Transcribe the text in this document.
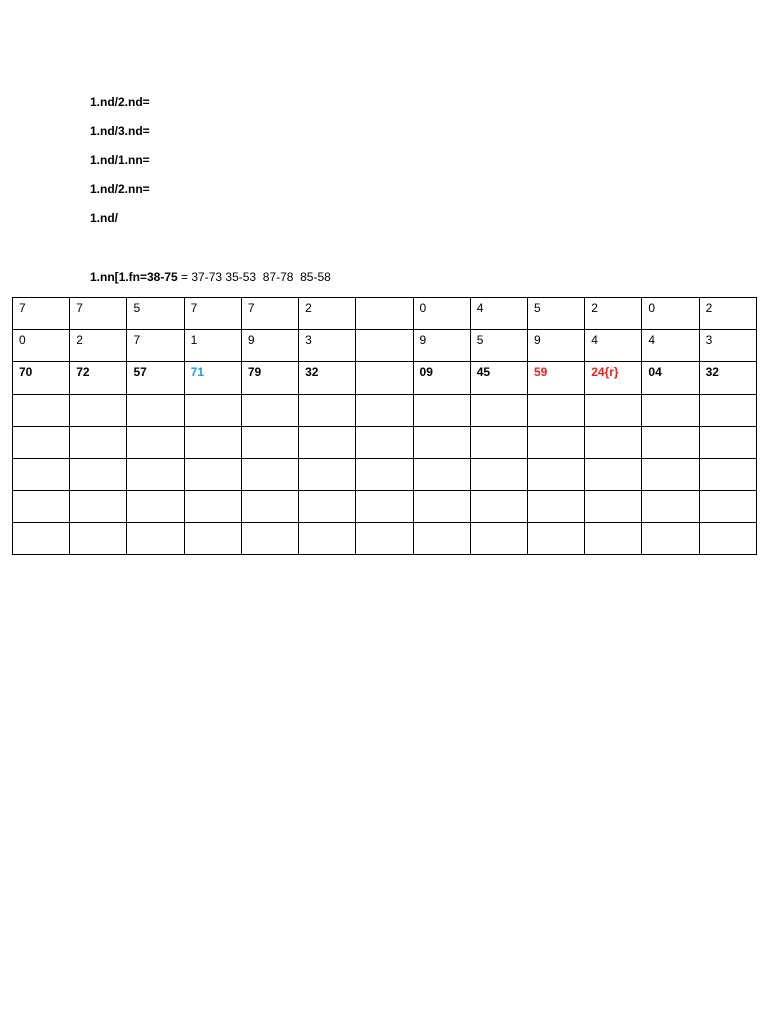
1.nd/2.nd=
1.nd/3.nd=
1.nd/1.nn=
1.nd/2.nn=
1.nd/
1.nn[1.fn=38-75 = 37-73 35-53  87-78  85-58
7	7	5	7	7	2		0	4	5	2	0	2
0	2	7	1	9	3		9	5	9	4	4	3
70	72	57	71	79	32		09	45	59	24{r}	04	32
